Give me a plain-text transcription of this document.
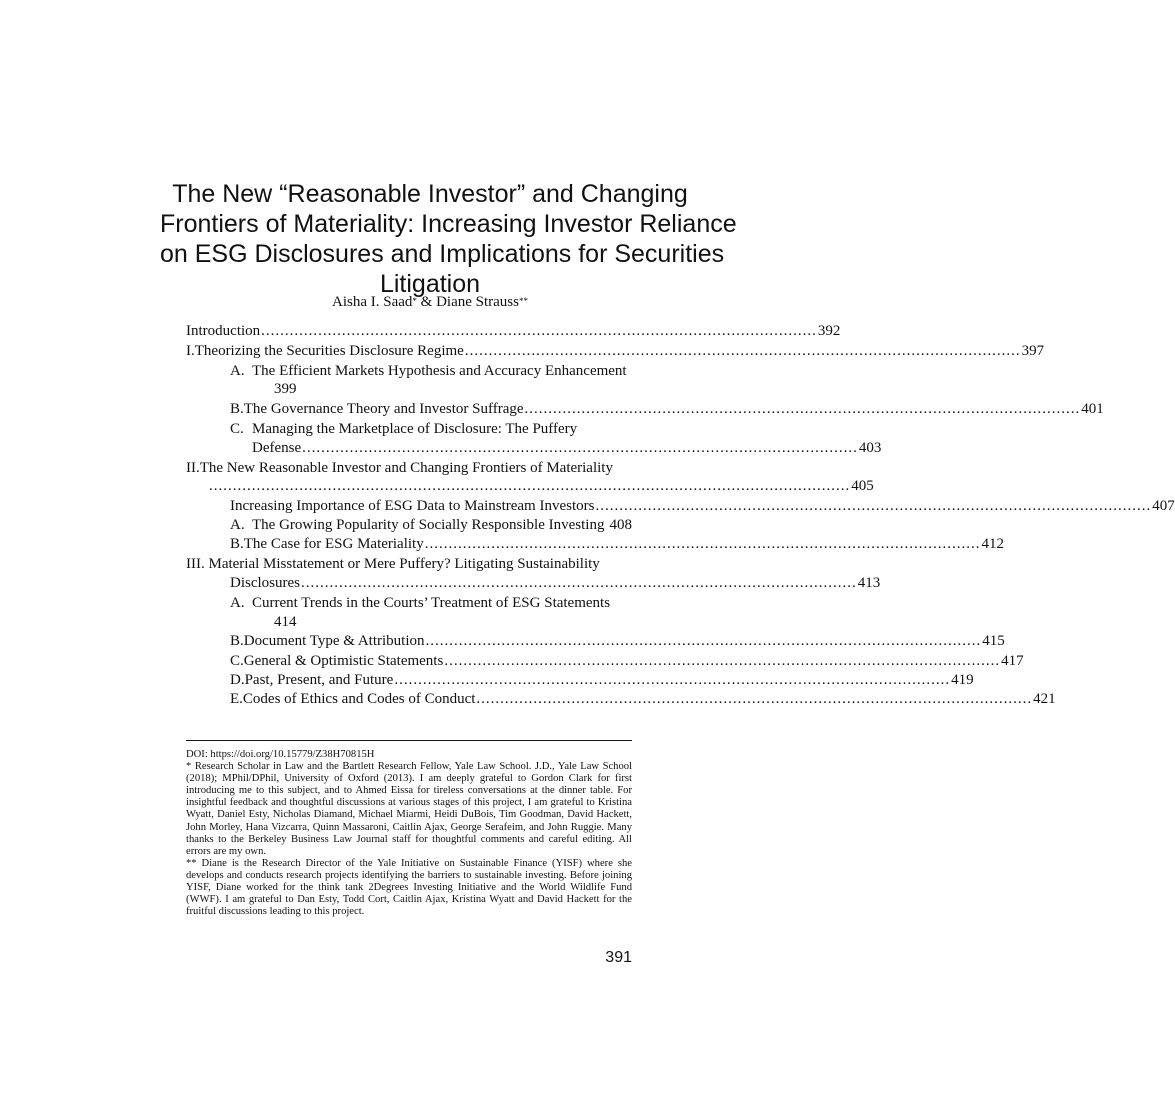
The New “Reasonable Investor” and Changing
Frontiers of Materiality: Increasing Investor Reliance
on ESG Disclosures and Implications for Securities
Litigation
Aisha I. Saad* & Diane Strauss**
Introduction ..................................................................................................................... 392
I.Theorizing the Securities Disclosure Regime ..................................................................................................................... 397
A. The Efficient Markets Hypothesis and Accuracy Enhancement
399
B. The Governance Theory and Investor Suffrage ..................................................................................................................... 401
C. Managing the Marketplace of Disclosure: The Puffery
Defense ..................................................................................................................... 403
II.The New Reasonable Investor and Changing Frontiers of Materiality
....................................................................................................................................... 405
Increasing Importance of ESG Data to Mainstream Investors ..................................................................................................................... 407
A. The Growing Popularity of Socially Responsible Investing 408
B. The Case for ESG Materiality ..................................................................................................................... 412
III. Material Misstatement or Mere Puffery? Litigating Sustainability
Disclosures ..................................................................................................................... 413
A. Current Trends in the Courts’ Treatment of ESG Statements
414
B. Document Type & Attribution ..................................................................................................................... 415
C. General & Optimistic Statements ..................................................................................................................... 417
D. Past, Present, and Future ..................................................................................................................... 419
E. Codes of Ethics and Codes of Conduct ..................................................................................................................... 421

DOI: https://doi.org/10.15779/Z38H70815H

* Research Scholar in Law and the Bartlett Research Fellow, Yale Law School. J.D., Yale Law School (2018); MPhil/DPhil, University of Oxford (2013). I am deeply grateful to Gordon Clark for first introducing me to this subject, and to Ahmed Eissa for tireless conversations at the dinner table. For insightful feedback and thoughtful discussions at various stages of this project, I am grateful to Kristina Wyatt, Daniel Esty, Nicholas Diamand, Michael Miarmi, Heidi DuBois, Tim Goodman, David Hackett, John Morley, Hana Vizcarra, Quinn Massaroni, Caitlin Ajax, George Serafeim, and John Ruggie. Many thanks to the Berkeley Business Law Journal staff for thoughtful comments and careful editing. All errors are my own.

** Diane is the Research Director of the Yale Initiative on Sustainable Finance (YISF) where she develops and conducts research projects identifying the barriers to sustainable investing. Before joining YISF, Diane worked for the think tank 2Degrees Investing Initiative and the World Wildlife Fund (WWF). I am grateful to Dan Esty, Todd Cort, Caitlin Ajax, Kristina Wyatt and David Hackett for the fruitful discussions leading to this project.

391
